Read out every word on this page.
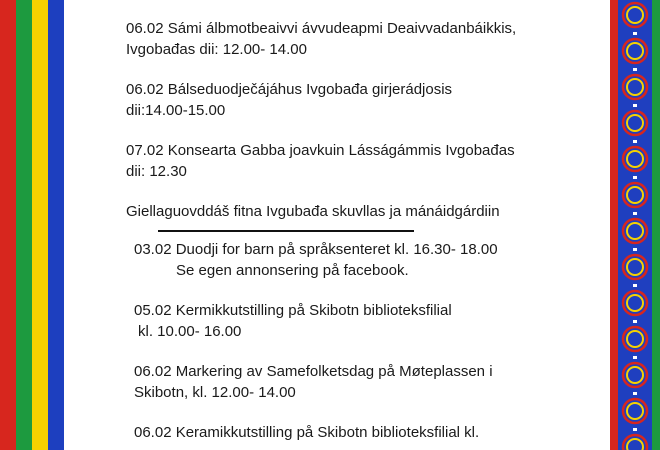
06.02 Sámi álbmotbeaivvi ávvudeapmi Deaivvadanbáikkis,

Ivgobađas dii: 12.00- 14.00

06.02 Bálseduodječájáhus Ivgobađa girjerádjosis

dii:14.00-15.00

07.02 Konsearta Gabba joavkuin Lásságámmis Ivgobađas

dii: 12.30

Giellaguovddáš fitna Ivgubađa skuvllas ja mánáidgárdiin

03.02 Duodji for barn på språksenteret kl. 16.30- 18.00

Se egen annonsering på facebook.

05.02 Kermikkutstilling på Skibotn biblioteksfilial

kl. 10.00- 16.00

06.02 Markering av Samefolketsdag på Møteplassen i

Skibotn, kl. 12.00- 14.00

06.02 Keramikkutstilling på Skibotn biblioteksfilial kl.
